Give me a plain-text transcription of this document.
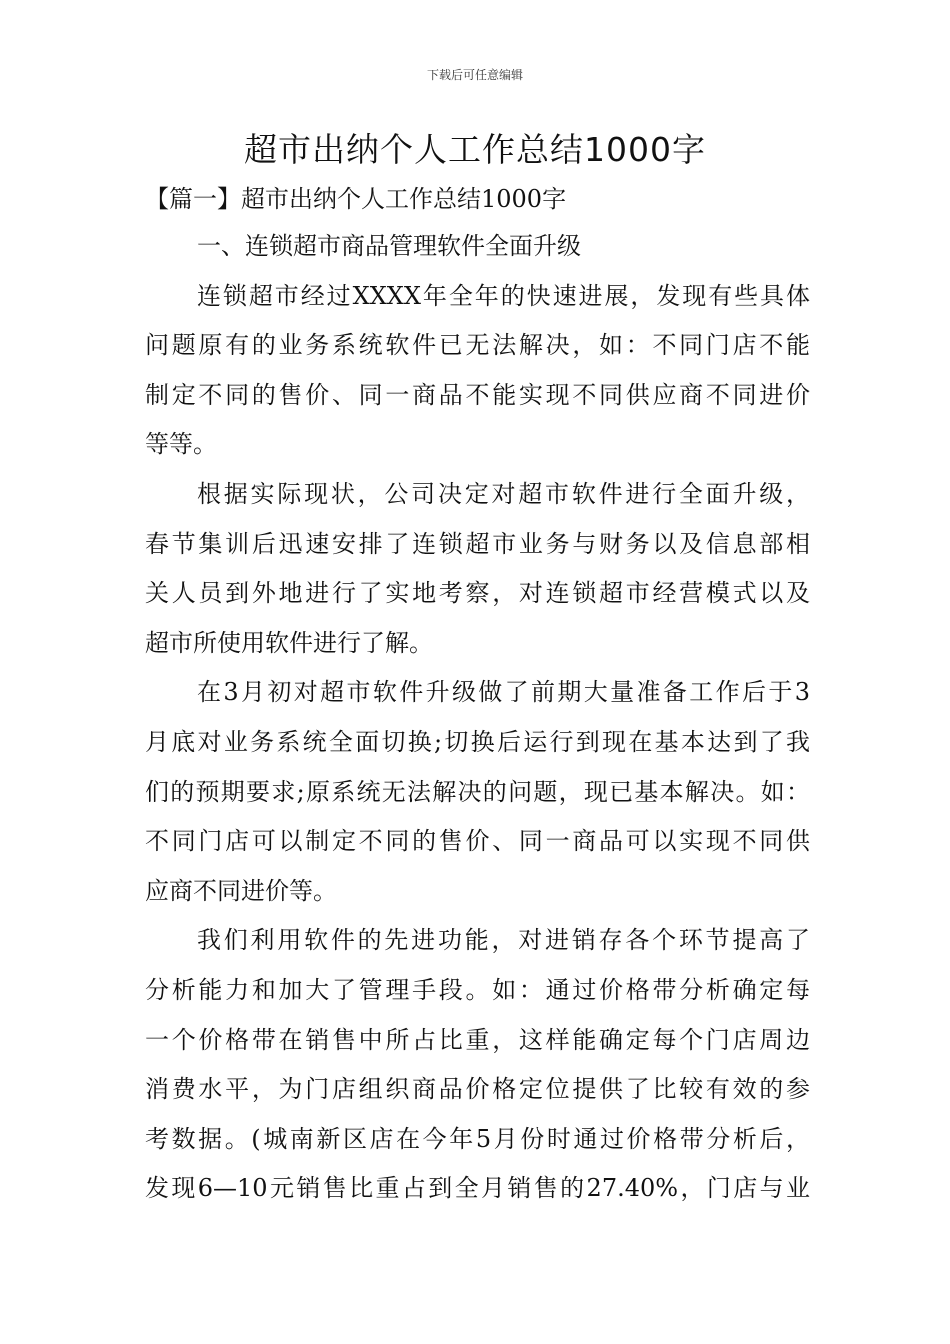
下载后可任意编辑
超市出纳个人工作总结1000字
【篇一】超市出纳个人工作总结1000字
一、连锁超市商品管理软件全面升级
连锁超市经过XXXX年全年的快速进展，发现有些具体
问题原有的业务系统软件已无法解决，如：不同门店不能
制定不同的售价、同一商品不能实现不同供应商不同进价
等等。
根据实际现状，公司决定对超市软件进行全面升级，
春节集训后迅速安排了连锁超市业务与财务以及信息部相
关人员到外地进行了实地考察，对连锁超市经营模式以及
超市所使用软件进行了解。
在3月初对超市软件升级做了前期大量准备工作后于3
月底对业务系统全面切换;切换后运行到现在基本达到了我
们的预期要求;原系统无法解决的问题，现已基本解决。如：
不同门店可以制定不同的售价、同一商品可以实现不同供
应商不同进价等。
我们利用软件的先进功能，对进销存各个环节提高了
分析能力和加大了管理手段。如：通过价格带分析确定每
一个价格带在销售中所占比重，这样能确定每个门店周边
消费水平，为门店组织商品价格定位提供了比较有效的参
考数据。(城南新区店在今年5月份时通过价格带分析后，
发现6—10元销售比重占到全月销售的27.40%，门店与业
